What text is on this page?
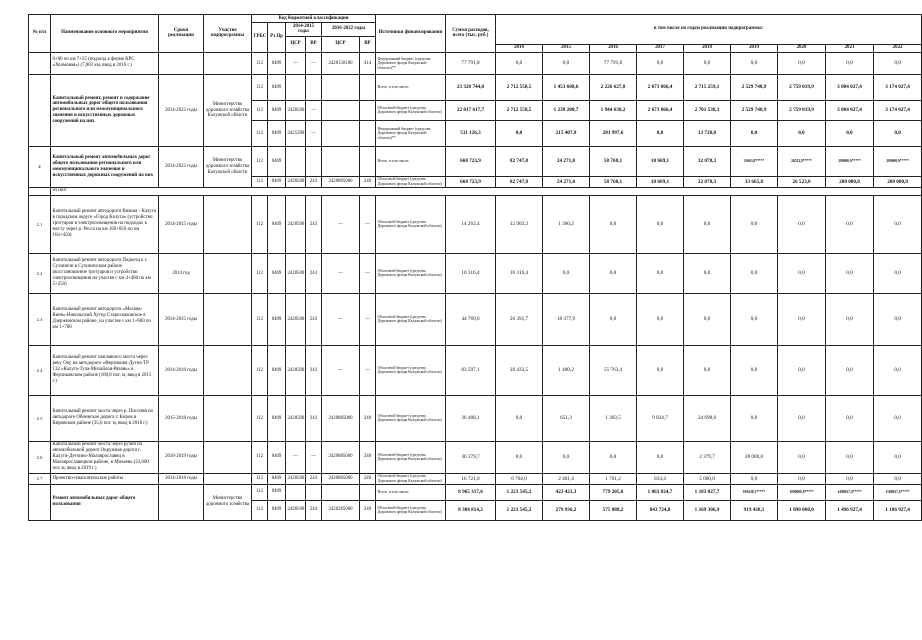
№ п/п	Наименование основного мероприятия	Сроки реализации	Участие подпрограммы	Код бюджетной классификации						Источники финансирования	Сумма расходов, всего (тыс. руб.)	в том числе по годам реализации подпрограммы:								
				ГРБС	Рз Пр	2014-2015 годы		2016-2022 годы												
						ЦСР	ВР	ЦСР	ВР											
												2014	2015	2016	2017	2018	2019	2020	2021	2022
	0+00 по км 7+25 (подъезд к ферме КРС «Холмовая») (7,083 км, ввод в 2016 г.)			112	0409	—	—	2420150180	414	Федеральный бюджет (средства Дорожного фонда Калужской области)**	77 791,8	0,0	0,0	77 791,8	0,0	0,0	0,0	0,0	0,0	0,0
	Капитальный ремонт, ремонт и содержание автомобильных дорог общего пользования регионального или межмуниципального значения и искусственных дорожных сооружений на них	2014-2022 годы	Министерство дорожного хозяйства Калужской области	112	0409					Всего, в том числе:	23 328 744,0	2 712 558,5	1 453 608,6	2 226 627,8	2 673 866,4	2 715 259,1	2 529 748,9	2 759 019,9	3 084 027,4	3 174 027,4
				112	0409	2428500	—			Областной бюджет (средства Дорожного фонда Калужской области)	22 817 617,7	2 712 558,5	1 238 200,7	1 944 630,2	2 673 866,4	2 701 538,3	2 529 748,9	2 759 019,9	3 084 027,4	3 174 027,4
				112	0409	2425390	—			Федеральный бюджет (средства Дорожного фонда Калужской области)**	511 126,3	0,0	215 407,9	281 997,6	0,0	13 720,8	0,0	0,0	0,0	0,0
2	Капитальный ремонт автомобильных дорог общего пользования регионального или межмуниципального значения и искусственных дорожных сооружений на них	2014-2022 годы	Министерство дорожного хозяйства Калужской области	112	0409					Всего, в том числе:	668 723,9	82 747,8	24 271,0	58 768,1	10 669,1	32 078,3	33665,8*****	26523,8*****	200000,0*****	200000,0*****
				112	0409	2428500	243	2420885000	240	Областной бюджет (средства Дорожного фонда Калужской области)	668 723,9	82 747,8	24 271,0	58 768,1	10 669,1	32 078,3	33 665,8	26 523,8	200 000,0	200 000,0
	из них:																			
2.1	Капитальный ремонт автодороги Вязьма - Калуга в городском округе «Город Калуга» (устройство тротуаров и электроосвещения на подходах к мосту через р. Ресса на км 160+850 по км 164+450)	2014-2015 годы		112	0409	2428500	243	—	—	Областной бюджет (средства Дорожного фонда Калужской области)	14 262,4	12 902,2	1 360,2	0,0	0,0	0,0	0,0	0,0	0,0	0,0
2.2	Капитальный ремонт автодороги Подъезд к г. Сухиничи в Сухиничском районе (восстановление тротуаров и устройство электроосвещения на участке с км 4+400 по км 5+250)	2014 год		112	0409	2428500	243	—	—	Областной бюджет (средства Дорожного фонда Калужской области)	10 316,4	10 316,4	0,0	0,0	0,0	0,0	0,0	0,0	0,0	0,0
2.3	Капитальный ремонт автодороги «Москва-Киев»-Никольский Хутор Староскаковское в Дзержинском районе, на участке с км 1+600 по км 1+700	2014-2015 годы		112	0409	2428500	243	—	—	Областной бюджет (средства Дорожного фонда Калужской области)	44 769,6	26 391,7	18 377,9	0,0	0,0	0,0	0,0	0,0	0,0	0,0
2.4	Капитальный ремонт наплавного моста через реку Оку на автодороге «Ферзиково-Дугна-ТР 132 «Калуга-Тула-Михайлов-Рязань» в Ферзиковском районе (100,8 пог. м, ввод в 2015 г.)	2014-2016 годы		112	0409	2428500	243	—	—	Областной бюджет (средства Дорожного фонда Калужской области)	83 597,1	26 433,5	1 400,2	55 763,4	0,0	0,0	0,0	0,0	0,0	0,0
2.5	Капитальный ремонт моста через р. Писочня на автодороге Обнинское дорога г. Киров в Кировском районе (35,0 пог. м, ввод в 2018 г.)	2015-2018 годы		112	0409	2428500	243	2420885000	240	Областной бюджет (средства Дорожного фонда Калужской области)	36 488,1	0,0	651,3	1 303,5	9 834,7	24 698,6	0,0	0,0	0,0	0,0
2.6	Капитальный ремонт моста через ручей на автомобильной дороге Окружная дорога г. Калуги-Детчино-Малоярославец в Малоярославецком районе, в Михеево (23,600 пог. м, ввод в 2019 г.)	2018-2019 годы		112	0409	—	—	2420885000	240	Областной бюджет (средства Дорожного фонда Калужской области)	30 379,7	0,0	0,0	0,0	0,0	2 379,7	28 000,0	0,0	0,0	0,0
2.7	Проектно-изыскательские работы	2014-2018 годы		112	0409	2428500	243	2420885000	240	Областной бюджет (средства Дорожного фонда Калужской области)	16 721,0	6 704,0	2 481,4	1 701,2	834,4	5 000,0	0,0	0,0	0,0	0,0
	Ремонт автомобильных дорог общего пользования		Министерство дорожного хозяйства	112	0409					Всего, в том числе:	8 965 317,6	1 223 545,2	423 421,3	779 205,8	1 063 824,7	1 183 027,7	919438,1*****	1090000,0*****	1496927,4*****	1186927,4*****
				112	0409	2428500	244	2420285000	240	Областной бюджет (средства Дорожного фонда Калужской области)	8 384 814,2	1 223 545,2	279 936,2	575 088,2	843 724,8	1 169 306,9	919 438,1	1 090 000,0	1 496 927,4	1 186 927,4
